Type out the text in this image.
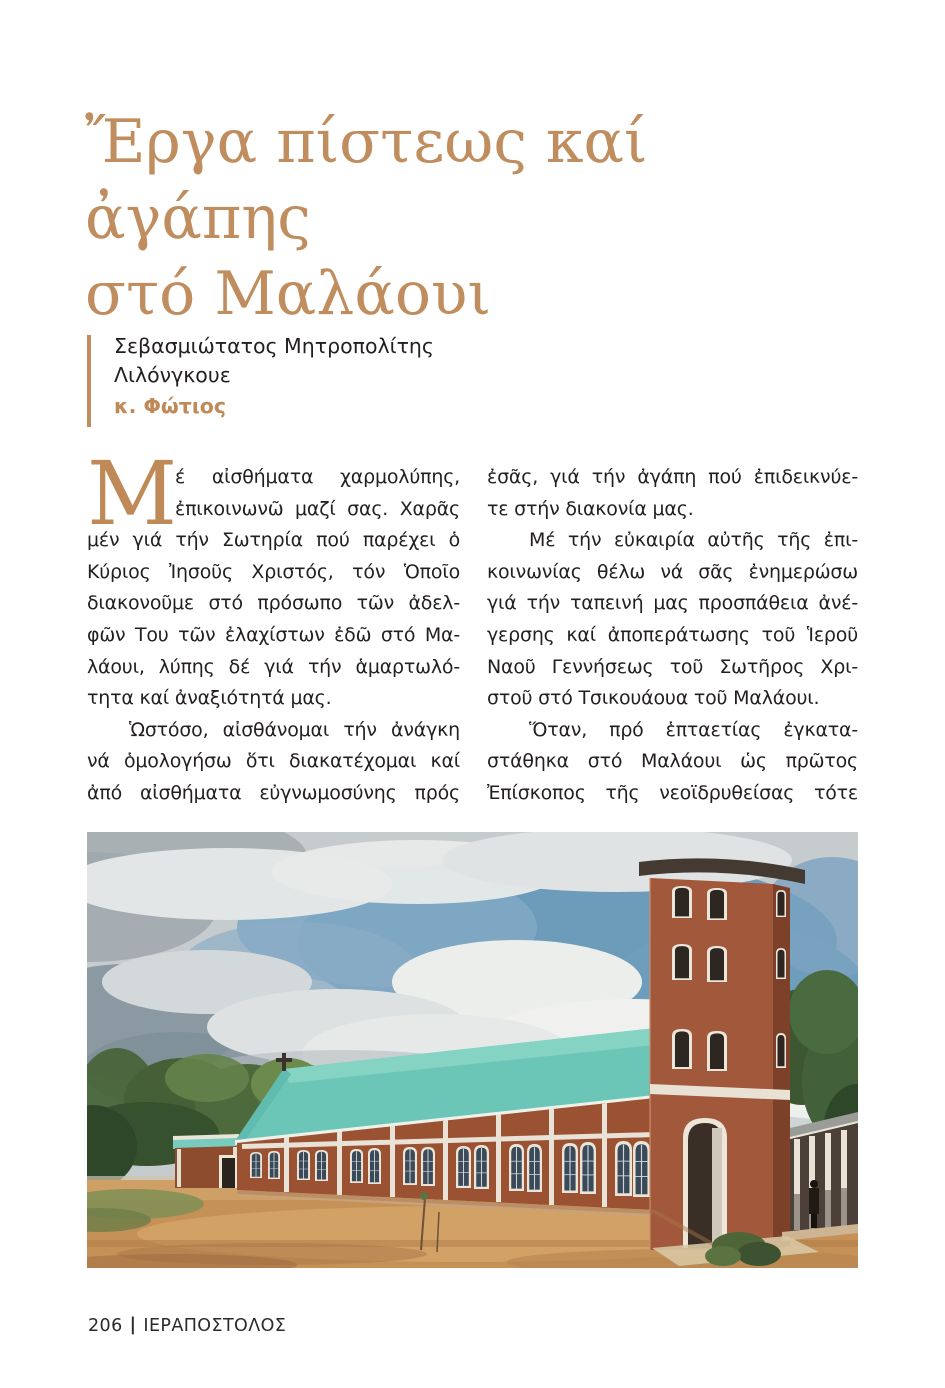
Ἔργα πίστεως καί ἀγάπης
στό Μαλάουι
Σεβασμιώτατος Μητροπολίτης
Λιλόνγκουε
κ. Φώτιος
Μ
έ αἰσθήματα χαρμολύπης,
ἐπικοινωνῶ μαζί σας. Χαρᾶς
μέν γιά τήν Σωτηρία πού παρέχει ὁ
Κύριος Ἰησοῦς Χριστός, τόν Ὁποῖο
διακονοῦμε στό πρόσωπο τῶν ἀδελ-
φῶν Του τῶν ἐλαχίστων ἐδῶ στό Μα-
λάουι, λύπης δέ γιά τήν ἁμαρτωλό-
τητα καί ἀναξιότητά μας.
Ὡστόσο, αἰσθάνομαι τήν ἀνάγκη
νά ὁμολογήσω ὅτι διακατέχομαι καί
ἀπό αἰσθήματα εὐγνωμοσύνης πρός
ἐσᾶς, γιά τήν ἀγάπη πού ἐπιδεικνύε-
τε στήν διακονία μας.
Μέ τήν εὐκαιρία αὐτῆς τῆς ἐπι-
κοινωνίας θέλω νά σᾶς ἐνημερώσω
γιά τήν ταπεινή μας προσπάθεια ἀνέ-
γερσης καί ἀποπεράτωσης τοῦ Ἱεροῦ
Ναοῦ Γεννήσεως τοῦ Σωτῆρος Χρι-
στοῦ στό Τσικουάουα τοῦ Μαλάουι.
Ὅταν, πρό ἑπταετίας ἐγκατα-
στάθηκα στό Μαλάουι ὡς πρῶτος
Ἐπίσκοπος τῆς νεοϊδρυθείσας τότε
206 | ΙΕΡΑΠΟΣΤΟΛΟΣ
